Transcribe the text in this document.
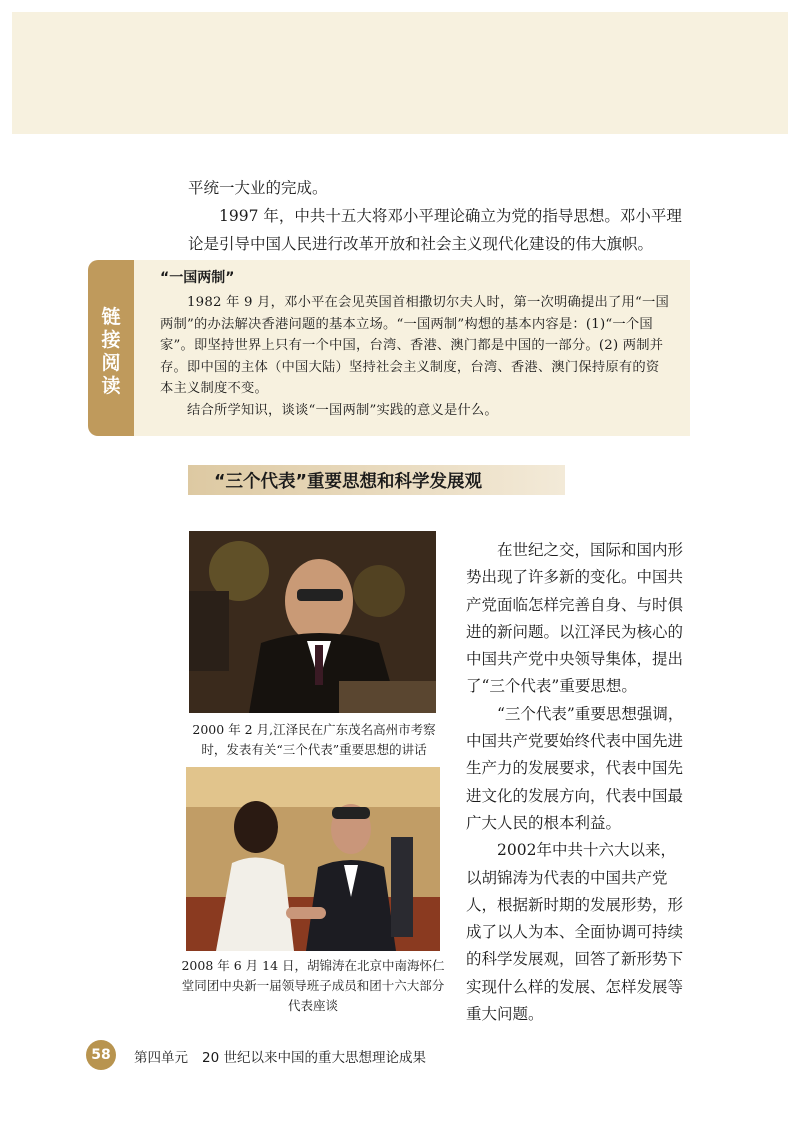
平统一大业的完成。

1997 年，中共十五大将邓小平理论确立为党的指导思想。邓小平理论是引导中国人民进行改革开放和社会主义现代化建设的伟大旗帜。

链
接
阅
读
“一国两制”

1982 年 9 月，邓小平在会见英国首相撒切尔夫人时，第一次明确提出了用“一国两制”的办法解决香港问题的基本立场。“一国两制”构想的基本内容是：(1)“一个国家”。即坚持世界上只有一个中国，台湾、香港、澳门都是中国的一部分。(2) 两制并存。即中国的主体（中国大陆）坚持社会主义制度，台湾、香港、澳门保持原有的资本主义制度不变。

结合所学知识，谈谈“一国两制”实践的意义是什么。

“三个代表”重要思想和科学发展观
2000 年 2 月,江泽民在广东茂名高州市考察时，发表有关“三个代表”重要思想的讲话
2008 年 6 月 14 日，胡锦涛在北京中南海怀仁堂同团中央新一届领导班子成员和团十六大部分代表座谈

在世纪之交，国际和国内形势出现了许多新的变化。中国共产党面临怎样完善自身、与时俱进的新问题。以江泽民为核心的中国共产党中央领导集体，提出了“三个代表”重要思想。

“三个代表”重要思想强调，中国共产党要始终代表中国先进生产力的发展要求，代表中国先进文化的发展方向，代表中国最广大人民的根本利益。

2002年中共十六大以来，以胡锦涛为代表的中国共产党人，根据新时期的发展形势，形成了以人为本、全面协调可持续的科学发展观，回答了新形势下实现什么样的发展、怎样发展等重大问题。

58	第四单元 20 世纪以来中国的重大思想理论成果
